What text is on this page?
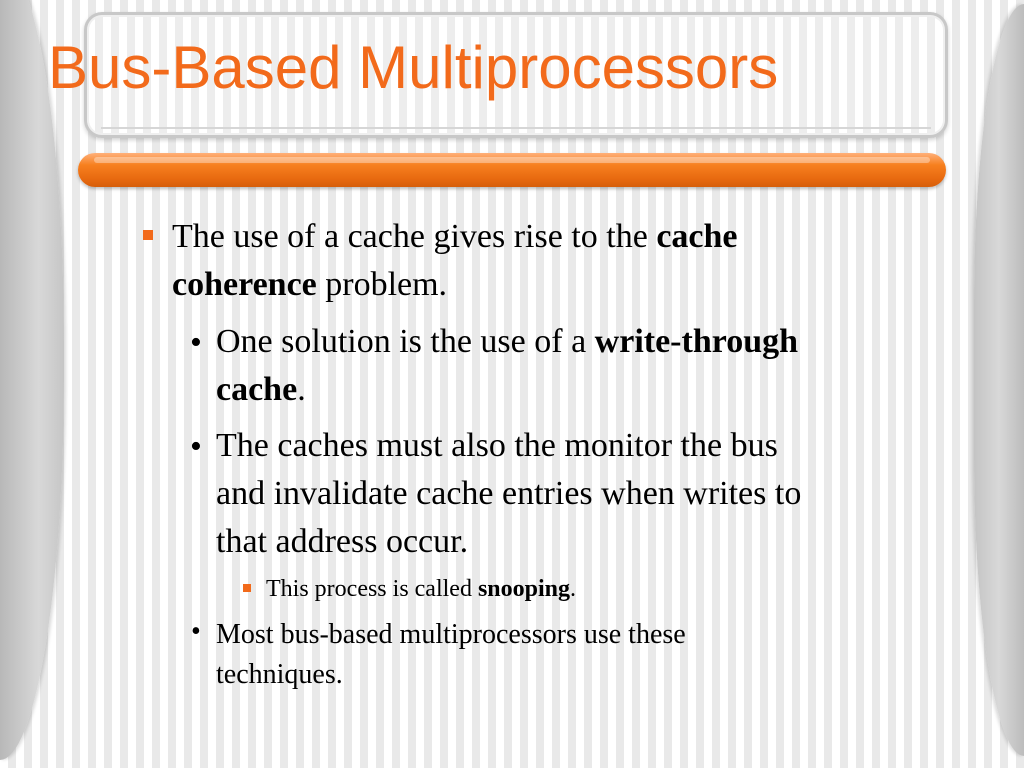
Bus-Based Multiprocessors
The use of a cache gives rise to the cache
coherence problem.
• One solution is the use of a write-through
cache.
• The caches must also the monitor the bus
and invalidate cache entries when writes to
that address occur.
This process is called snooping.
• Most bus-based multiprocessors use these
techniques.
